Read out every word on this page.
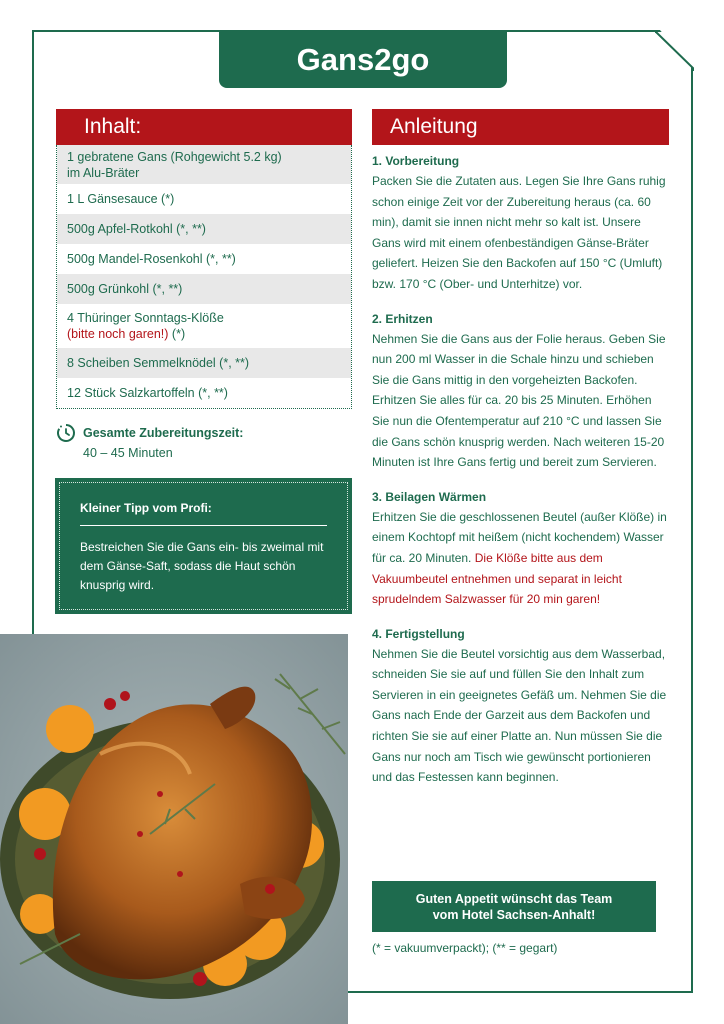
Gans2go
Inhalt:
1 gebratene Gans (Rohgewicht 5.2 kg)
im Alu-Bräter
1 L Gänsesauce (*)
500g Apfel-Rotkohl (*, **)
500g Mandel-Rosenkohl (*, **)
500g Grünkohl (*, **)
4 Thüringer Sonntags-Klöße
(bitte noch garen!) (*)
8 Scheiben Semmelknödel (*, **)
12 Stück Salzkartoffeln (*, **)
Gesamte Zubereitungszeit:
40 – 45 Minuten
Kleiner Tipp vom Profi:
Bestreichen Sie die Gans ein- bis zweimal mit dem Gänse-Saft, sodass die Haut schön knusprig wird.
Anleitung
1. Vorbereitung
Packen Sie die Zutaten aus. Legen Sie Ihre Gans ruhig schon einige Zeit vor der Zubereitung heraus (ca. 60 min), damit sie innen nicht mehr so kalt ist. Unsere Gans wird mit einem ofenbeständigen Gänse-Bräter geliefert. Heizen Sie den Backofen auf 150 °C (Umluft) bzw. 170 °C (Ober- und Unterhitze) vor.
2. Erhitzen
Nehmen Sie die Gans aus der Folie heraus. Geben Sie nun 200 ml Wasser in die Schale hinzu und schieben Sie die Gans mittig in den vorgeheizten Backofen. Erhitzen Sie alles für ca. 20 bis 25 Minuten. Erhöhen Sie nun die Ofentemperatur auf 210 °C und lassen Sie die Gans schön knusprig werden. Nach weiteren 15-20 Minuten ist Ihre Gans fertig und bereit zum Servieren.
3. Beilagen Wärmen
Erhitzen Sie die geschlossenen Beutel (außer Klöße) in einem Kochtopf mit heißem (nicht kochendem) Wasser für ca. 20 Minuten. Die Klöße bitte aus dem Vakuumbeutel entnehmen und separat in leicht sprudelndem Salzwasser für 20 min garen!
4. Fertigstellung
Nehmen Sie die Beutel vorsichtig aus dem Wasserbad, schneiden Sie sie auf und füllen Sie den Inhalt zum Servieren in ein geeignetes Gefäß um. Nehmen Sie die Gans nach Ende der Garzeit aus dem Backofen und richten Sie sie auf einer Platte an. Nun müssen Sie die Gans nur noch am Tisch wie gewünscht portionieren und das Festessen kann beginnen.
Guten Appetit wünscht das Team
vom Hotel Sachsen-Anhalt!
(* = vakuumverpackt); (** = gegart)
